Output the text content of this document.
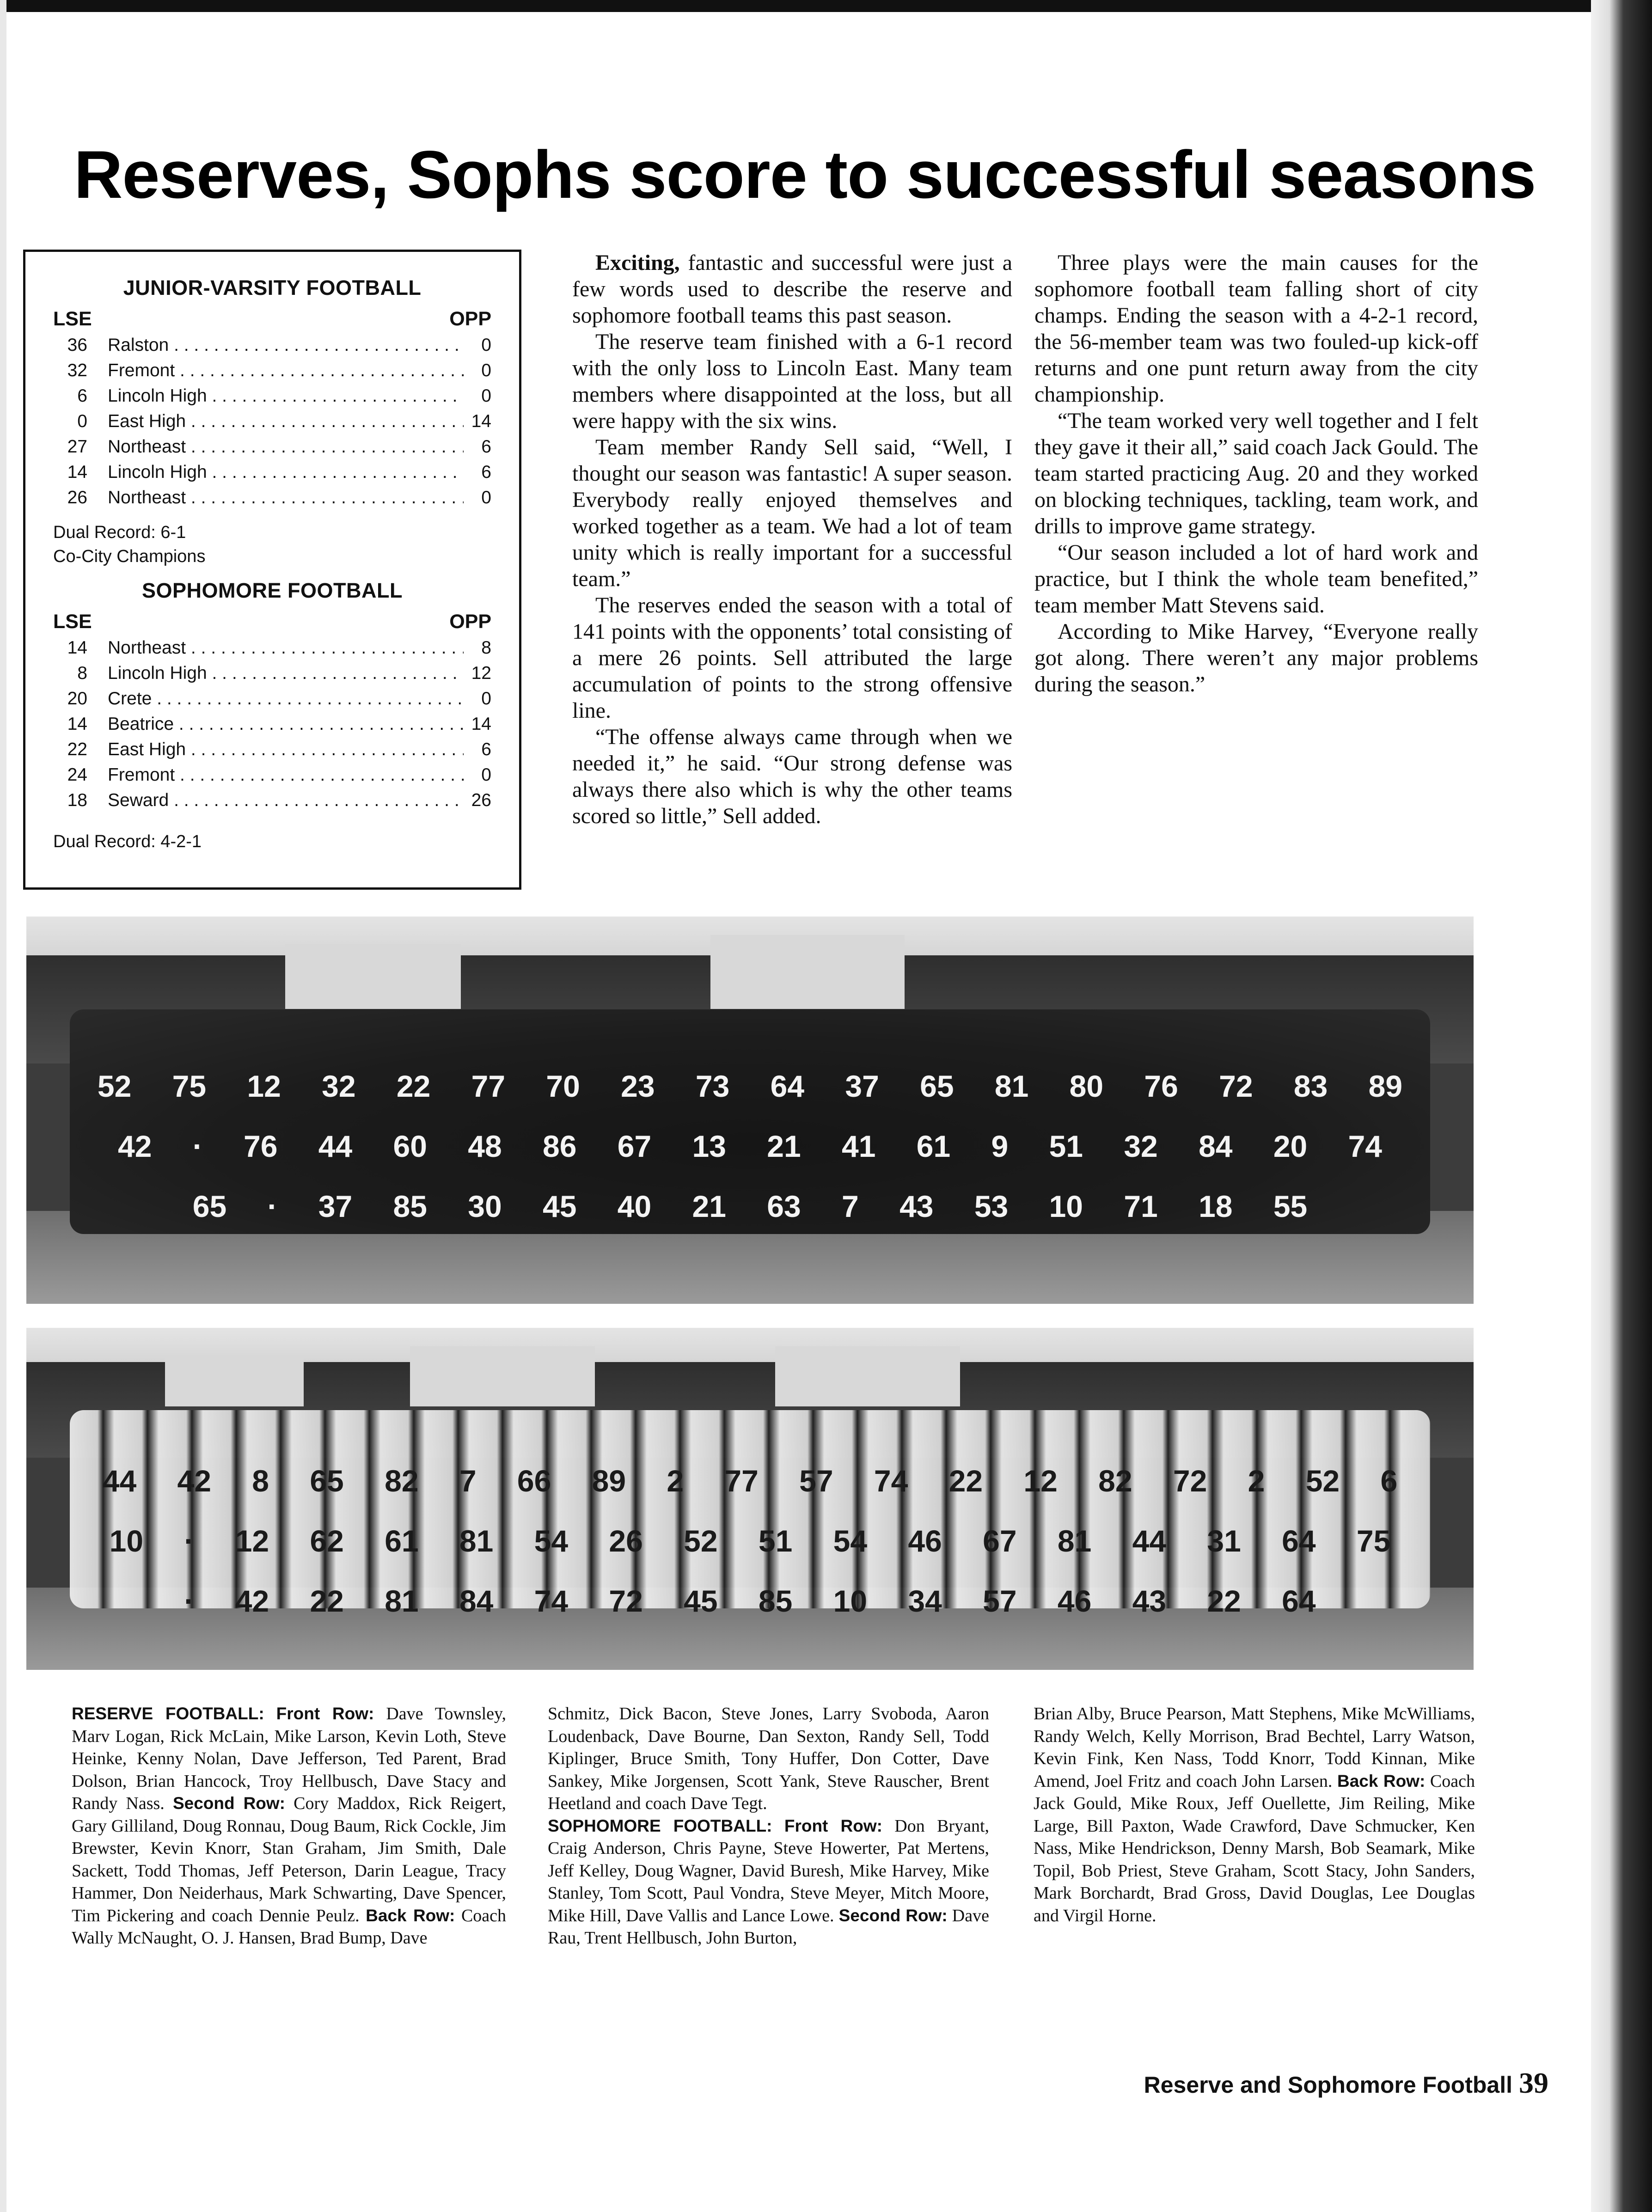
Reserves, Sophs score to successful seasons
JUNIOR-VARSITY FOOTBALL
LSE	OPP
36	Ralston . . .	0
32	Fremont . . .	0
6	Lincoln High . . .	0
0	East High . . .	14
27	Northeast . . .	6
14	Lincoln High . . .	6
26	Northeast . . .	0
Dual Record: 6-1
Co-City Champions
SOPHOMORE FOOTBALL
LSE	OPP
14	Northeast . . .	8
8	Lincoln High . . .	12
20	Crete . . .	0
14	Beatrice . . .	14
22	East High . . .	6
24	Fremont . . .	0
18	Seward . . .	26
Dual Record: 4-2-1

Exciting, fantastic and successful were just a few words used to describe the reserve and sophomore football teams this past season.

The reserve team finished with a 6-1 record with the only loss to Lincoln East. Many team members where disappointed at the loss, but all were happy with the six wins.

Team member Randy Sell said, “Well, I thought our season was fantastic! A super season. Everybody really enjoyed themselves and worked together as a team. We had a lot of team unity which is really important for a successful team.”

The reserves ended the season with a total of 141 points with the opponents’ total consisting of a mere 26 points. Sell attributed the large accumulation of points to the strong offensive line.

“The offense always came through when we needed it,” he said. “Our strong defense was always there also which is why the other teams scored so little,” Sell added.

Three plays were the main causes for the sophomore football team falling short of city champs. Ending the season with a 4-2-1 record, the 56-member team was two fouled-up kick-off returns and one punt return away from the city championship.

“The team worked very well together and I felt they gave it their all,” said coach Jack Gould. The team started practicing Aug. 20 and they worked on blocking techniques, tackling, team work, and drills to improve game strategy.

“Our season included a lot of hard work and practice, but I think the whole team benefited,” team member Matt Stevens said.

According to Mike Harvey, “Everyone really got along. There weren’t any major problems during the season.”

52 75 12 32 22 77 70 23 73 64 37 65 81 80 76 72 83 89 42 · 76 44 60 48 86 67 13 21 41 61 9 51 32 84 20 74 65 · 37 85 30 45 40 21 63 7 43 53 10 71 18 55
44 42 8 65 82 7 66 89 2 77 57 74 22 12 82 72 2 52 6 10 · 12 62 61 81 54 26 52 51 54 46 67 81 44 31 64 75 · 42 22 81 84 74 72 45 85 10 34 57 46 43 22 64
RESERVE FOOTBALL: Front Row: Dave Townsley, Marv Logan, Rick McLain, Mike Larson, Kevin Loth, Steve Heinke, Kenny Nolan, Dave Jefferson, Ted Parent, Brad Dolson, Brian Hancock, Troy Hellbusch, Dave Stacy and Randy Nass. Second Row: Cory Maddox, Rick Reigert, Gary Gilliland, Doug Ronnau, Doug Baum, Rick Cockle, Jim Brewster, Kevin Knorr, Stan Graham, Jim Smith, Dale Sackett, Todd Thomas, Jeff Peterson, Darin League, Tracy Hammer, Don Neiderhaus, Mark Schwarting, Dave Spencer, Tim Pickering and coach Dennie Peulz. Back Row: Coach Wally McNaught, O. J. Hansen, Brad Bump, Dave
Schmitz, Dick Bacon, Steve Jones, Larry Svoboda, Aaron Loudenback, Dave Bourne, Dan Sexton, Randy Sell, Todd Kiplinger, Bruce Smith, Tony Huffer, Don Cotter, Dave Sankey, Mike Jorgensen, Scott Yank, Steve Rauscher, Brent Heetland and coach Dave Tegt.
SOPHOMORE FOOTBALL: Front Row: Don Bryant, Craig Anderson, Chris Payne, Steve Howerter, Pat Mertens, Jeff Kelley, Doug Wagner, David Buresh, Mike Harvey, Mike Stanley, Tom Scott, Paul Vondra, Steve Meyer, Mitch Moore, Mike Hill, Dave Vallis and Lance Lowe. Second Row: Dave Rau, Trent Hellbusch, John Burton,
Brian Alby, Bruce Pearson, Matt Stephens, Mike McWilliams, Randy Welch, Kelly Morrison, Brad Bechtel, Larry Watson, Kevin Fink, Ken Nass, Todd Knorr, Todd Kinnan, Mike Amend, Joel Fritz and coach John Larsen. Back Row: Coach Jack Gould, Mike Roux, Jeff Ouellette, Jim Reiling, Mike Large, Bill Paxton, Wade Crawford, Dave Schmucker, Ken Nass, Mike Hendrickson, Denny Marsh, Bob Seamark, Mike Topil, Bob Priest, Steve Graham, Scott Stacy, John Sanders, Mark Borchardt, Brad Gross, David Douglas, Lee Douglas and Virgil Horne.
Reserve and Sophomore Football 39
